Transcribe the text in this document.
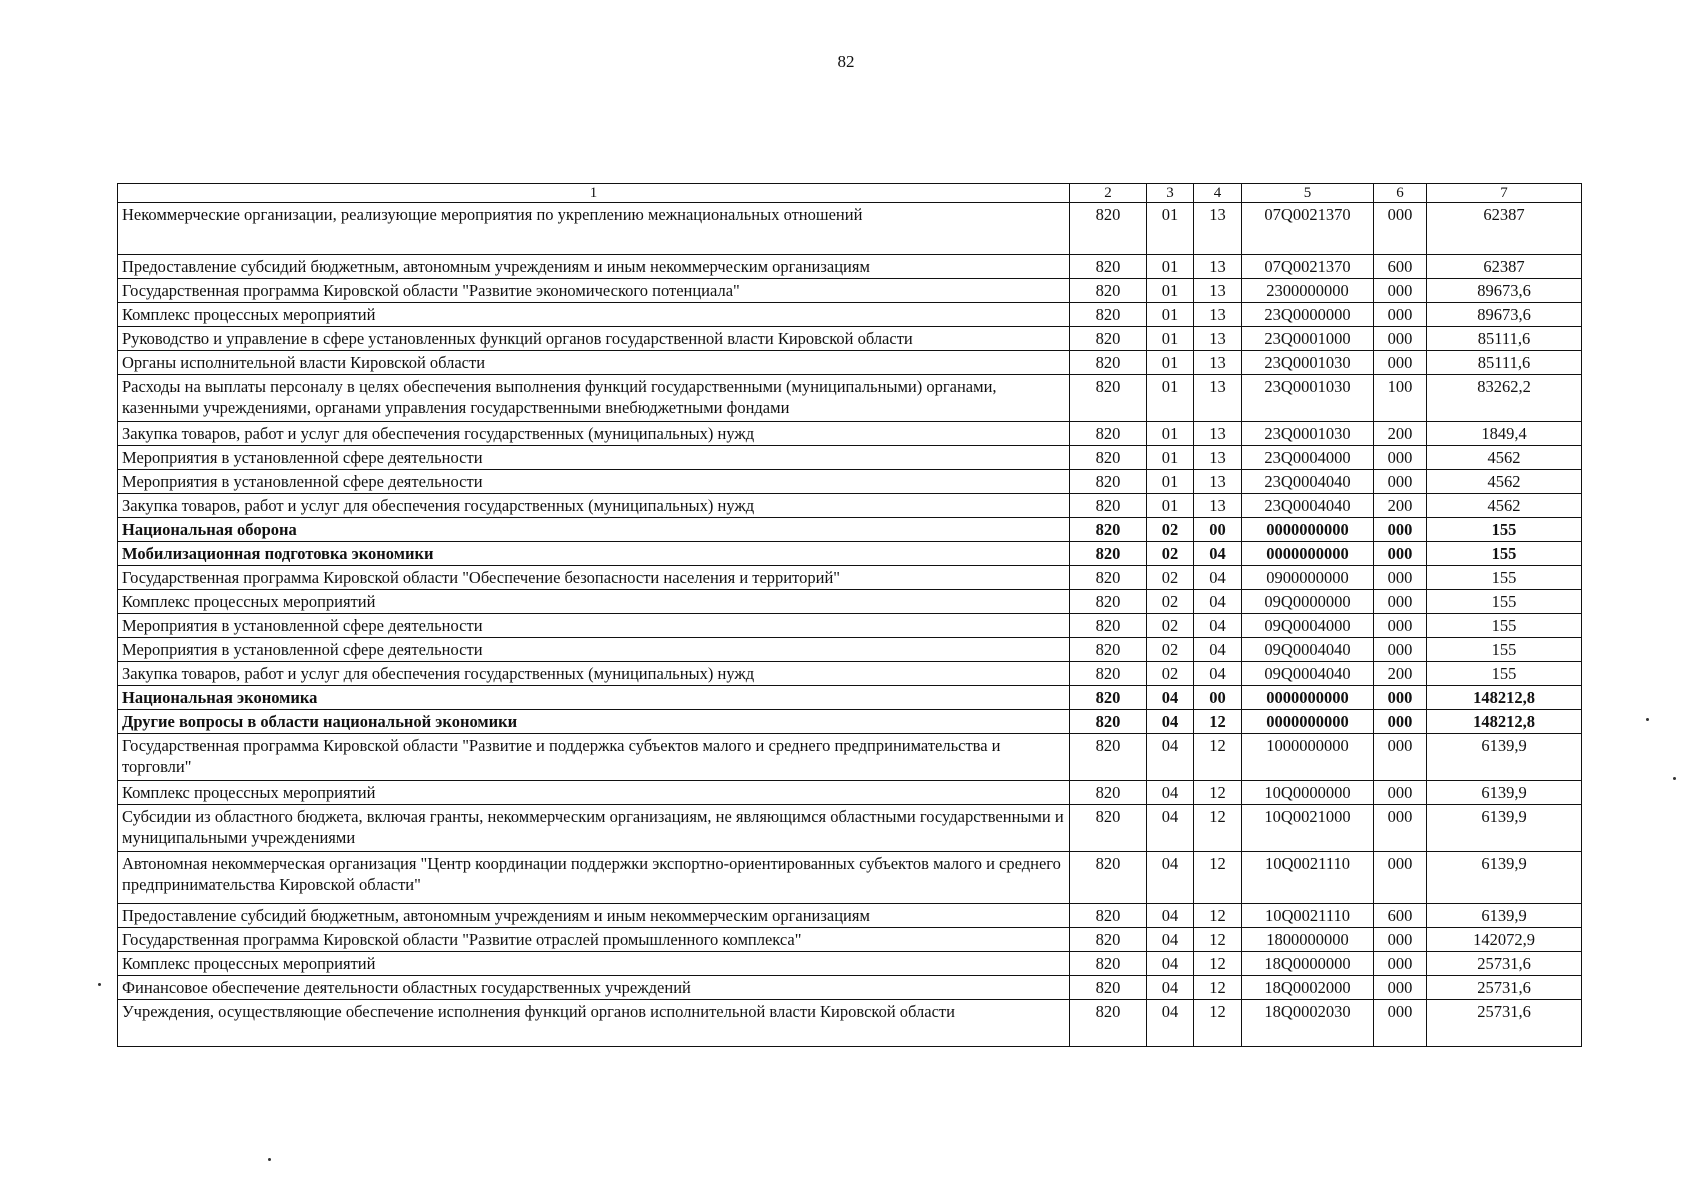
82
1	2	3	4	5	6	7
Некоммерческие организации, реализующие мероприятия по укреплению межнациональных отношений	820	01	13	07Q0021370	000	62387
Предоставление субсидий бюджетным, автономным учреждениям и иным некоммерческим организациям	820	01	13	07Q0021370	600	62387
Государственная программа Кировской области "Развитие экономического потенциала"	820	01	13	2300000000	000	89673,6
Комплекс процессных мероприятий	820	01	13	23Q0000000	000	89673,6
Руководство и управление в сфере установленных функций органов государственной власти Кировской области	820	01	13	23Q0001000	000	85111,6
Органы исполнительной власти Кировской области	820	01	13	23Q0001030	000	85111,6
Расходы на выплаты персоналу в целях обеспечения выполнения функций государственными (муниципальными) органами, казенными учреждениями, органами управления государственными внебюджетными фондами	820	01	13	23Q0001030	100	83262,2
Закупка товаров, работ и услуг для обеспечения государственных (муниципальных) нужд	820	01	13	23Q0001030	200	1849,4
Мероприятия в установленной сфере деятельности	820	01	13	23Q0004000	000	4562
Мероприятия в установленной сфере деятельности	820	01	13	23Q0004040	000	4562
Закупка товаров, работ и услуг для обеспечения государственных (муниципальных) нужд	820	01	13	23Q0004040	200	4562
Национальная оборона	820	02	00	0000000000	000	155
Мобилизационная подготовка экономики	820	02	04	0000000000	000	155
Государственная программа Кировской области "Обеспечение безопасности населения и территорий"	820	02	04	0900000000	000	155
Комплекс процессных мероприятий	820	02	04	09Q0000000	000	155
Мероприятия в установленной сфере деятельности	820	02	04	09Q0004000	000	155
Мероприятия в установленной сфере деятельности	820	02	04	09Q0004040	000	155
Закупка товаров, работ и услуг для обеспечения государственных (муниципальных) нужд	820	02	04	09Q0004040	200	155
Национальная экономика	820	04	00	0000000000	000	148212,8
Другие вопросы в области национальной экономики	820	04	12	0000000000	000	148212,8
Государственная программа Кировской области "Развитие и поддержка субъектов малого и среднего предпринимательства и торговли"	820	04	12	1000000000	000	6139,9
Комплекс процессных мероприятий	820	04	12	10Q0000000	000	6139,9
Субсидии из областного бюджета, включая гранты, некоммерческим организациям, не являющимся областными государственными и муниципальными учреждениями	820	04	12	10Q0021000	000	6139,9
Автономная некоммерческая организация "Центр координации поддержки экспортно-ориентированных субъектов малого и среднего предпринимательства Кировской области"	820	04	12	10Q0021110	000	6139,9
Предоставление субсидий бюджетным, автономным учреждениям и иным некоммерческим организациям	820	04	12	10Q0021110	600	6139,9
Государственная программа Кировской области "Развитие отраслей промышленного комплекса"	820	04	12	1800000000	000	142072,9
Комплекс процессных мероприятий	820	04	12	18Q0000000	000	25731,6
Финансовое обеспечение деятельности областных государственных учреждений	820	04	12	18Q0002000	000	25731,6
Учреждения, осуществляющие обеспечение исполнения функций органов исполнительной власти Кировской области	820	04	12	18Q0002030	000	25731,6
